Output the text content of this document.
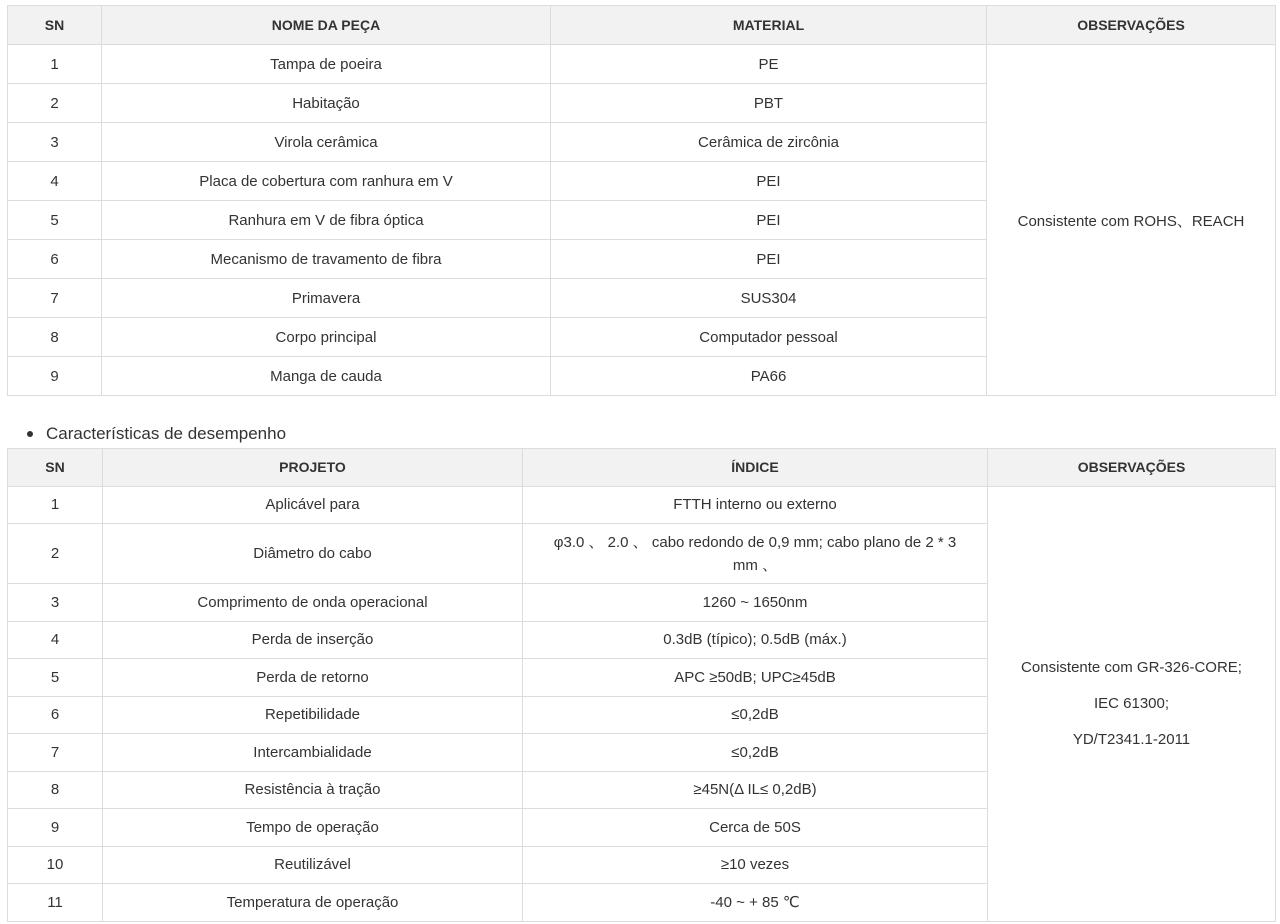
SN	NOME DA PEÇA	MATERIAL	OBSERVAÇÕES
1	Tampa de poeira	PE	Consistente com ROHS、REACH
2	Habitação	PBT	
3	Virola cerâmica	Cerâmica de zircônia	
4	Placa de cobertura com ranhura em V	PEI	
5	Ranhura em V de fibra óptica	PEI	
6	Mecanismo de travamento de fibra	PEI	
7	Primavera	SUS304	
8	Corpo principal	Computador pessoal	
9	Manga de cauda	PA66	
Características de desempenho
SN	PROJETO	ÍNDICE	OBSERVAÇÕES
1	Aplicável para	FTTH interno ou externo	Consistente com GR-326-CORE;
IEC 61300;
YD/T2341.1-2011

2	Diâmetro do cabo	φ3.0 、 2.0 、 cabo redondo de 0,9 mm; cabo plano de 2 * 3 mm 、	
3	Comprimento de onda operacional	1260 ~ 1650nm	
4	Perda de inserção	0.3dB (típico); 0.5dB (máx.)	
5	Perda de retorno	APC ≥50dB; UPC≥45dB	
6	Repetibilidade	≤0,2dB	
7	Intercambialidade	≤0,2dB	
8	Resistência à tração	≥45N(Δ IL≤ 0,2dB)	
9	Tempo de operação	Cerca de 50S	
10	Reutilizável	≥10 vezes	
11	Temperatura de operação	-40 ~ + 85 ℃	
